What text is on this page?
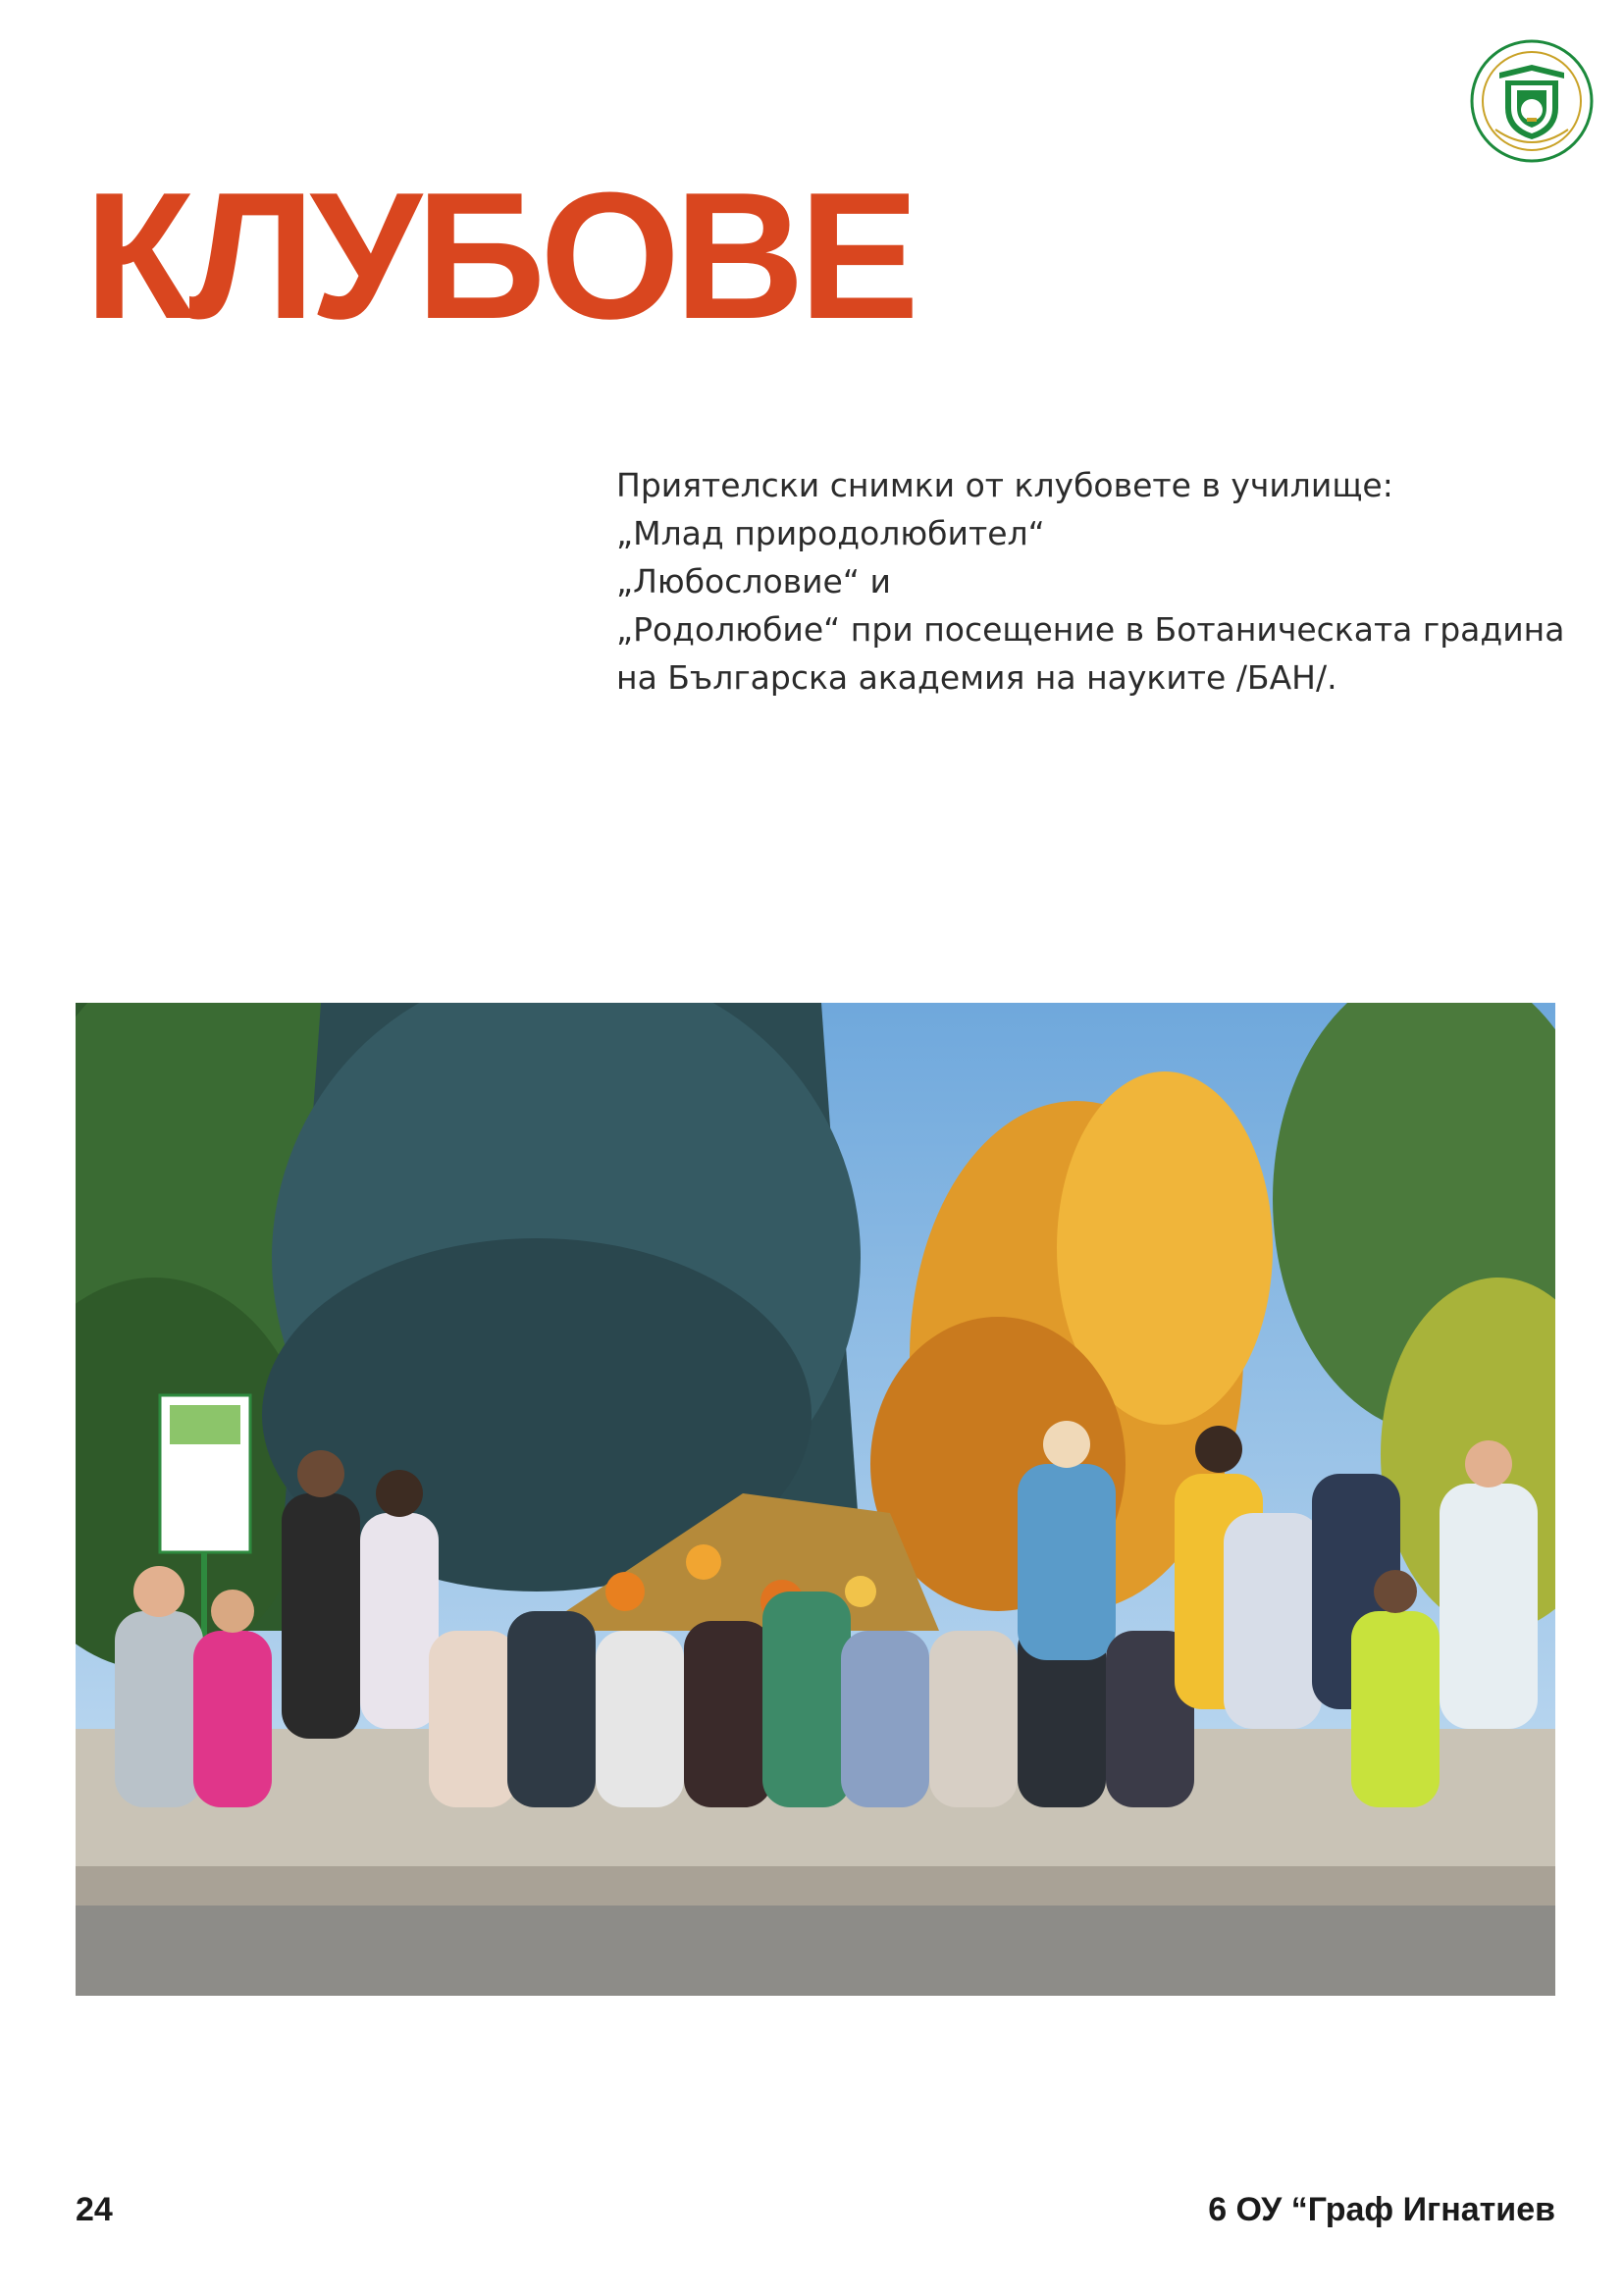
КЛУБОВЕ
Приятелски снимки от клубовете в училище:
„Млад природолюбител“
„Любословие“ и
„Родолюбие“ при посещение в Ботаническата градина
на Българска академия на науките /БАН/.
24	6 ОУ “Граф Игнатиев
